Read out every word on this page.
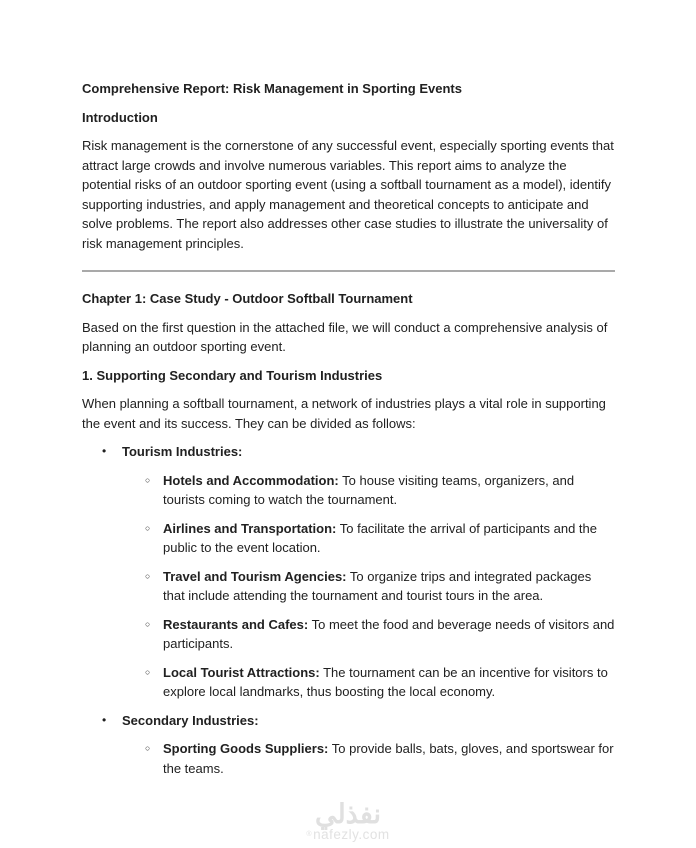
Comprehensive Report: Risk Management in Sporting Events
Introduction

Risk management is the cornerstone of any successful event, especially sporting events that attract large crowds and involve numerous variables. This report aims to analyze the potential risks of an outdoor sporting event (using a softball tournament as a model), identify supporting industries, and apply management and theoretical concepts to anticipate and solve problems. The report also addresses other case studies to illustrate the universality of risk management principles.

Chapter 1: Case Study - Outdoor Softball Tournament

Based on the first question in the attached file, we will conduct a comprehensive analysis of planning an outdoor sporting event.

1. Supporting Secondary and Tourism Industries

When planning a softball tournament, a network of industries plays a vital role in supporting the event and its success. They can be divided as follows:

•	Tourism Industries:
○ Hotels and Accommodation: To house visiting teams, organizers, and tourists coming to watch the tournament.
○ Airlines and Transportation: To facilitate the arrival of participants and the public to the event location.
○ Travel and Tourism Agencies: To organize trips and integrated packages that include attending the tournament and tourist tours in the area.
○ Restaurants and Cafes: To meet the food and beverage needs of visitors and participants.
○ Local Tourist Attractions: The tournament can be an incentive for visitors to explore local landmarks, thus boosting the local economy.
•	Secondary Industries:
○ Sporting Goods Suppliers: To provide balls, bats, gloves, and sportswear for the teams.
نفذلي
®nafezly.com
